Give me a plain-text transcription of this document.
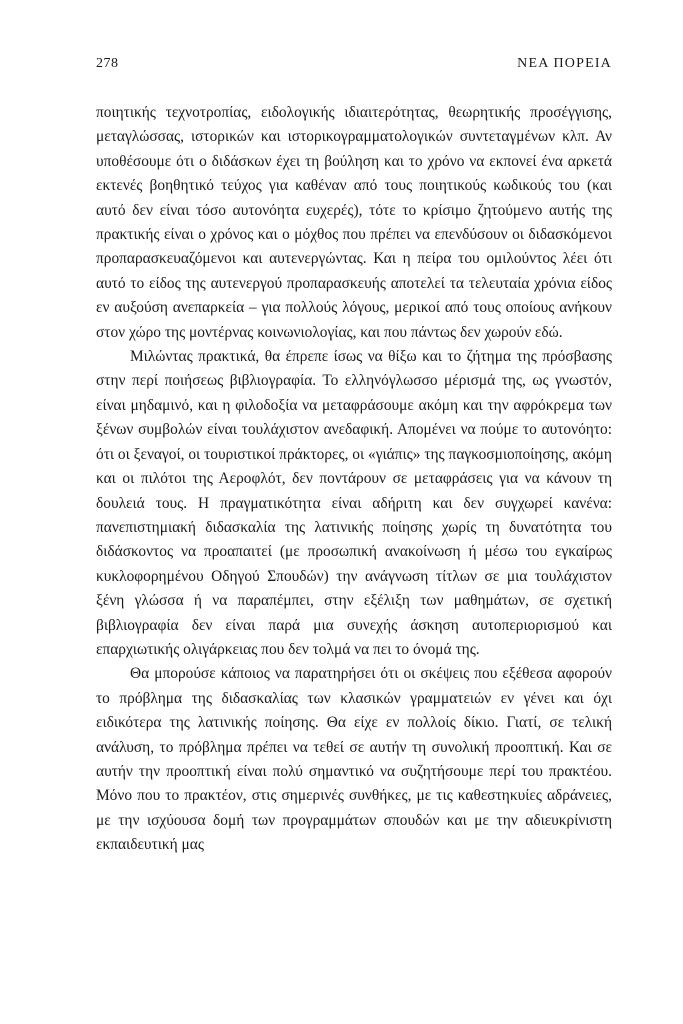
278	ΝΕΑ ΠΟΡΕΙΑ

ποιητικής τεχνοτροπίας, ειδολογικής ιδιαιτερότητας, θεωρητικής προσέγγισης, μεταγλώσσας, ιστορικών και ιστορικογραμματολογικών συντεταγμένων κλπ. Αν υποθέσουμε ότι ο διδάσκων έχει τη βούληση και το χρόνο να εκπονεί ένα αρκετά εκτενές βοηθητικό τεύχος για καθέναν από τους ποιητικούς κωδικούς του (και αυτό δεν είναι τόσο αυτονόητα ευχερές), τότε το κρίσιμο ζητούμενο αυτής της πρακτικής είναι ο χρόνος και ο μόχθος που πρέπει να επενδύσουν οι διδασκόμενοι προπαρασκευαζόμενοι και αυτενεργώντας. Και η πείρα του ομιλούντος λέει ότι αυτό το είδος της αυτενεργού προπαρασκευής αποτελεί τα τελευταία χρόνια είδος εν αυξούση ανεπαρκεία – για πολλούς λόγους, μερικοί από τους οποίους ανήκουν στον χώρο της μοντέρνας κοινωνιολογίας, και που πάντως δεν χωρούν εδώ.

Μιλώντας πρακτικά, θα έπρεπε ίσως να θίξω και το ζήτημα της πρόσβασης στην περί ποιήσεως βιβλιογραφία. Το ελληνόγλωσσο μέρισμά της, ως γνωστόν, είναι μηδαμινό, και η φιλοδοξία να μεταφράσουμε ακόμη και την αφρόκρεμα των ξένων συμβολών είναι τουλάχιστον ανεδαφική. Απομένει να πούμε το αυτονόητο: ότι οι ξεναγοί, οι τουριστικοί πράκτορες, οι «γιάπις» της παγκοσμιοποίησης, ακόμη και οι πιλότοι της Αεροφλότ, δεν ποντάρουν σε μεταφράσεις για να κάνουν τη δουλειά τους. Η πραγματικότητα είναι αδήριτη και δεν συγχωρεί κανένα: πανεπιστημιακή διδασκαλία της λατινικής ποίησης χωρίς τη δυνατότητα του διδάσκοντος να προαπαιτεί (με προσωπική ανακοίνωση ή μέσω του εγκαίρως κυκλοφορημένου Οδηγού Σπουδών) την ανάγνωση τίτλων σε μια τουλάχιστον ξένη γλώσσα ή να παραπέμπει, στην εξέλιξη των μαθημάτων, σε σχετική βιβλιογραφία δεν είναι παρά μια συνεχής άσκηση αυτοπεριορισμού και επαρχιωτικής ολιγάρκειας που δεν τολμά να πει το όνομά της.

Θα μπορούσε κάποιος να παρατηρήσει ότι οι σκέψεις που εξέθεσα αφορούν το πρόβλημα της διδασκαλίας των κλασικών γραμματειών εν γένει και όχι ειδικότερα της λατινικής ποίησης. Θα είχε εν πολλοίς δίκιο. Γιατί, σε τελική ανάλυση, το πρόβλημα πρέπει να τεθεί σε αυτήν τη συνολική προοπτική. Και σε αυτήν την προοπτική είναι πολύ σημαντικό να συζητήσουμε περί του πρακτέου. Μόνο που το πρακτέον, στις σημερινές συνθήκες, με τις καθεστηκυίες αδράνειες, με την ισχύουσα δομή των προγραμμάτων σπουδών και με την αδιευκρίνιστη εκπαιδευτική μας
